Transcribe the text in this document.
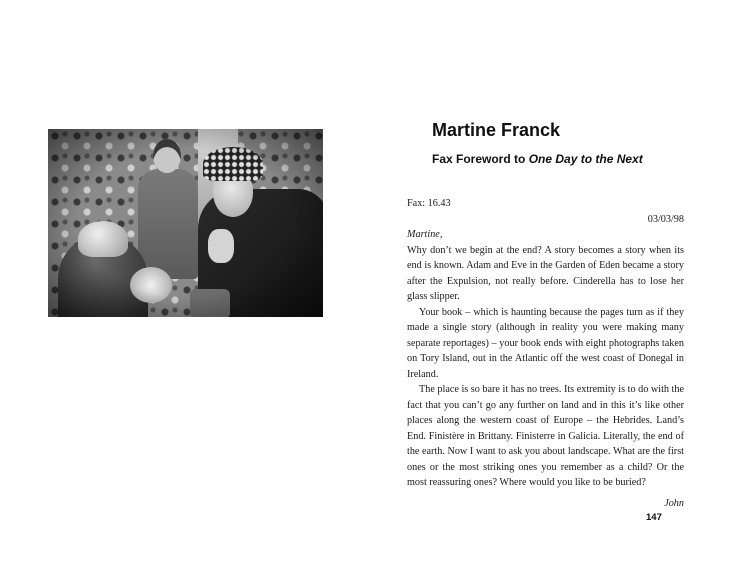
Martine Franck
Fax Foreword to One Day to the Next

Fax: 16.43

03/03/98

Martine,

Why don’t we begin at the end? A story becomes a story when its end is known. Adam and Eve in the Garden of Eden became a story after the Expulsion, not really before. Cinderella has to lose her glass slipper.

Your book – which is haunting because the pages turn as if they made a single story (although in reality you were making many separate reportages) – your book ends with eight photographs taken on Tory Island, out in the Atlantic off the west coast of Donegal in Ireland.

The place is so bare it has no trees. Its extremity is to do with the fact that you can’t go any further on land and in this it’s like other places along the western coast of Europe – the Hebrides. Land’s End. Finistère in Brittany. Finisterre in Galicia. Literally, the end of the earth. Now I want to ask you about landscape. What are the first ones or the most striking ones you remember as a child? Or the most reassuring ones? Where would you like to be buried?

John

147
